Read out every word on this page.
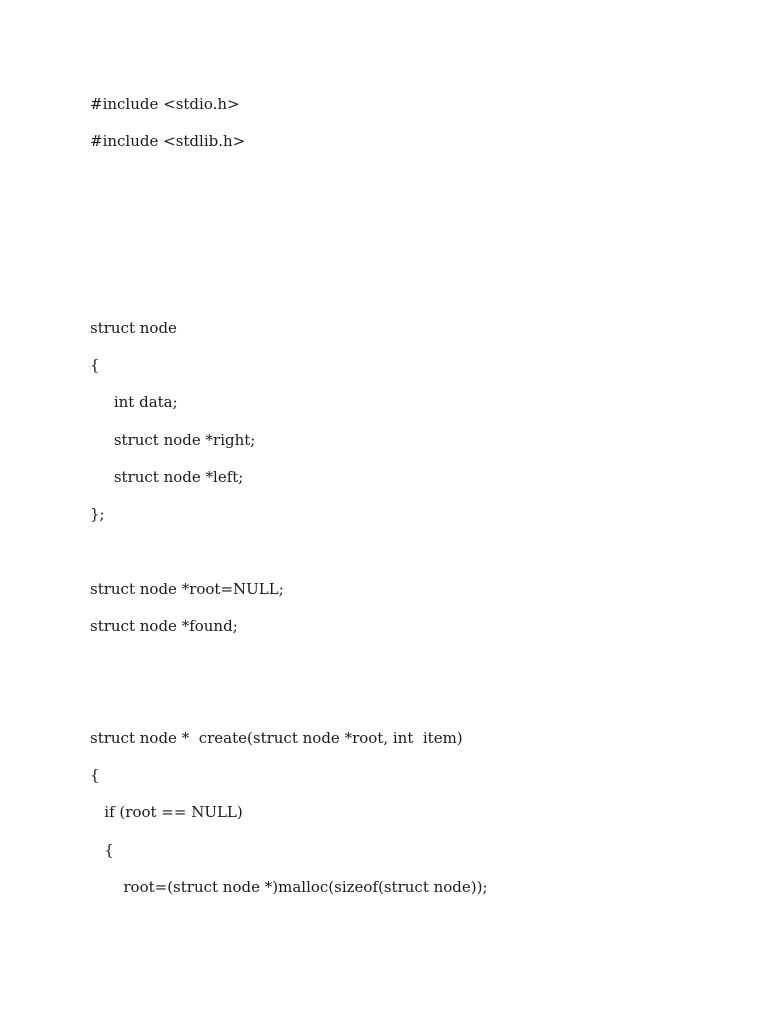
#include <stdio.h>

#include <stdlib.h>

struct node

{

int data;

struct node *right;

struct node *left;

};

struct node *root=NULL;

struct node *found;

struct node *  create(struct node *root, int  item)

{

if (root == NULL)

{

root=(struct node *)malloc(sizeof(struct node));
